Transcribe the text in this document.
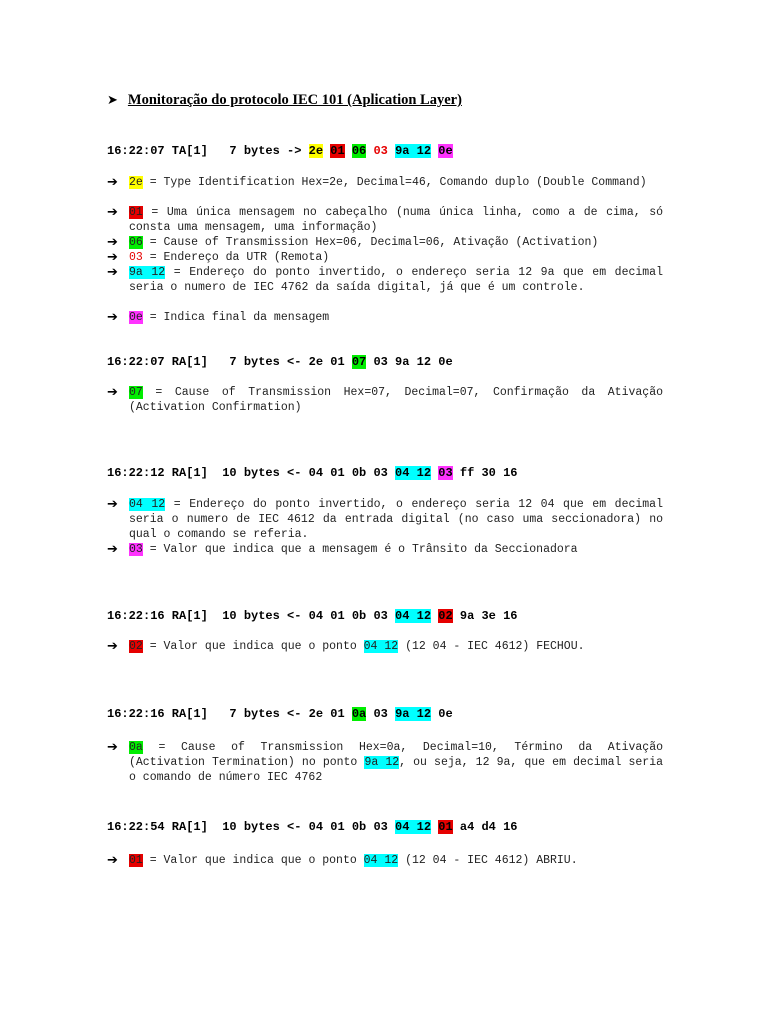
➤ Monitoração do protocolo IEC 101 (Aplication Layer)
16:22:07 TA[1]   7 bytes -> 2e 01 06 03 9a 12 0e
➔ 2e = Type Identification Hex=2e, Decimal=46, Comando duplo (Double Command)
➔ 01 = Uma única mensagem no cabeçalho (numa única linha, como a de cima, só consta uma mensagem, uma informação)
➔ 06 = Cause of Transmission Hex=06, Decimal=06, Ativação (Activation)
➔ 03 = Endereço da UTR (Remota)
➔ 9a 12 = Endereço do ponto invertido, o endereço seria 12 9a que em decimal seria o numero de IEC 4762 da saída digital, já que é um controle.
➔ 0e = Indica final da mensagem
16:22:07 RA[1]   7 bytes <- 2e 01 07 03 9a 12 0e
➔ 07 = Cause of Transmission Hex=07, Decimal=07, Confirmação da Ativação (Activation Confirmation)
16:22:12 RA[1]  10 bytes <- 04 01 0b 03 04 12 03 ff 30 16
➔ 04 12 = Endereço do ponto invertido, o endereço seria 12 04 que em decimal seria o numero de IEC 4612 da entrada digital (no caso uma seccionadora) no qual o comando se referia.
➔ 03 = Valor que indica que a mensagem é o Trânsito da Seccionadora
16:22:16 RA[1]  10 bytes <- 04 01 0b 03 04 12 02 9a 3e 16
➔ 02 = Valor que indica que o ponto 04 12 (12 04 - IEC 4612) FECHOU.
16:22:16 RA[1]   7 bytes <- 2e 01 0a 03 9a 12 0e
➔ 0a = Cause of Transmission Hex=0a, Decimal=10, Término da Ativação (Activation Termination) no ponto 9a 12, ou seja, 12 9a, que em decimal seria o comando de número IEC 4762
16:22:54 RA[1]  10 bytes <- 04 01 0b 03 04 12 01 a4 d4 16
➔ 01 = Valor que indica que o ponto 04 12 (12 04 - IEC 4612) ABRIU.
